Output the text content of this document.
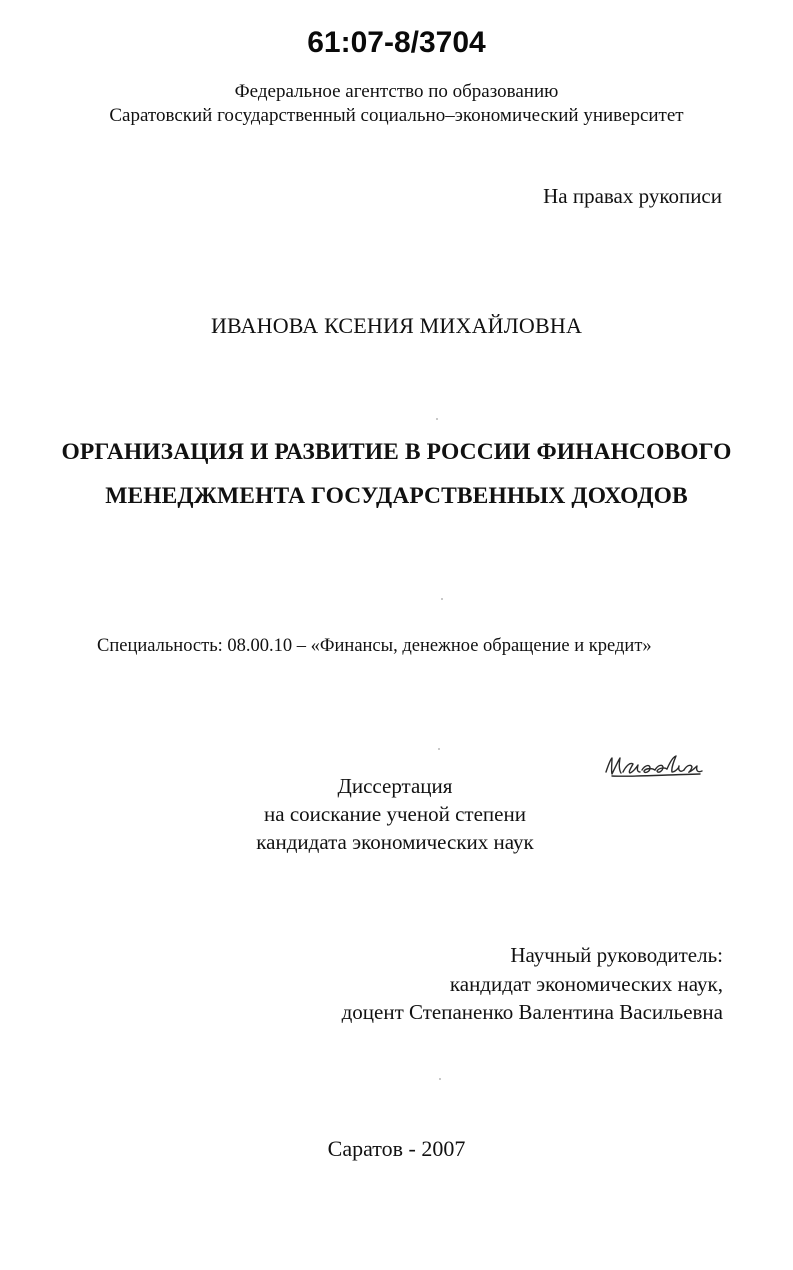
61:07-8/3704
Федеральное агентство по образованию
Саратовский государственный социально–экономический университет
На правах рукописи
ИВАНОВА КСЕНИЯ МИХАЙЛОВНА
ОРГАНИЗАЦИЯ И РАЗВИТИЕ В РОССИИ ФИНАНСОВОГО
МЕНЕДЖМЕНТА ГОСУДАРСТВЕННЫХ ДОХОДОВ
Специальность: 08.00.10 – «Финансы, денежное обращение и кредит»
Диссертация
на соискание ученой степени
кандидата экономических наук
Научный руководитель:
кандидат экономических наук,
доцент Степаненко Валентина Васильевна
Саратов - 2007
